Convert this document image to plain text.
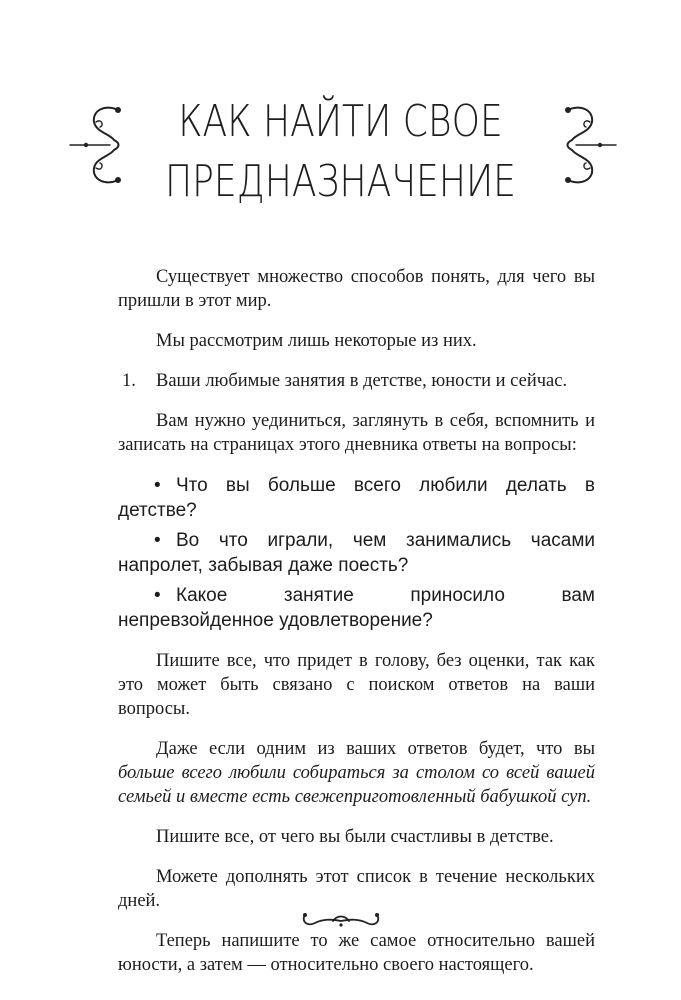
КАК НАЙТИ СВОЕ
ПРЕДНАЗНАЧЕНИЕ

Существует множество способов понять, для чего вы пришли в этот мир.

Мы рассмотрим лишь некоторые из них.

1. Ваши любимые занятия в детстве, юности и сейчас.

Вам нужно уединиться, заглянуть в себя, вспомнить и записать на страницах этого дневника ответы на вопросы:

• Что вы больше всего любили делать в детстве?
• Во что играли, чем занимались часами напролет, забывая даже поесть?
• Какое занятие приносило вам непревзойденное удовлетворение?

Пишите все, что придет в голову, без оценки, так как это может быть связано с поиском ответов на ваши вопросы.

Даже если одним из ваших ответов будет, что вы больше всего любили собираться за столом со всей вашей семьей и вместе есть свежеприготовленный бабушкой суп.

Пишите все, от чего вы были счастливы в детстве.

Можете дополнять этот список в течение нескольких дней.

Теперь напишите то же самое относительно вашей юности, а затем — относительно своего настоящего.
